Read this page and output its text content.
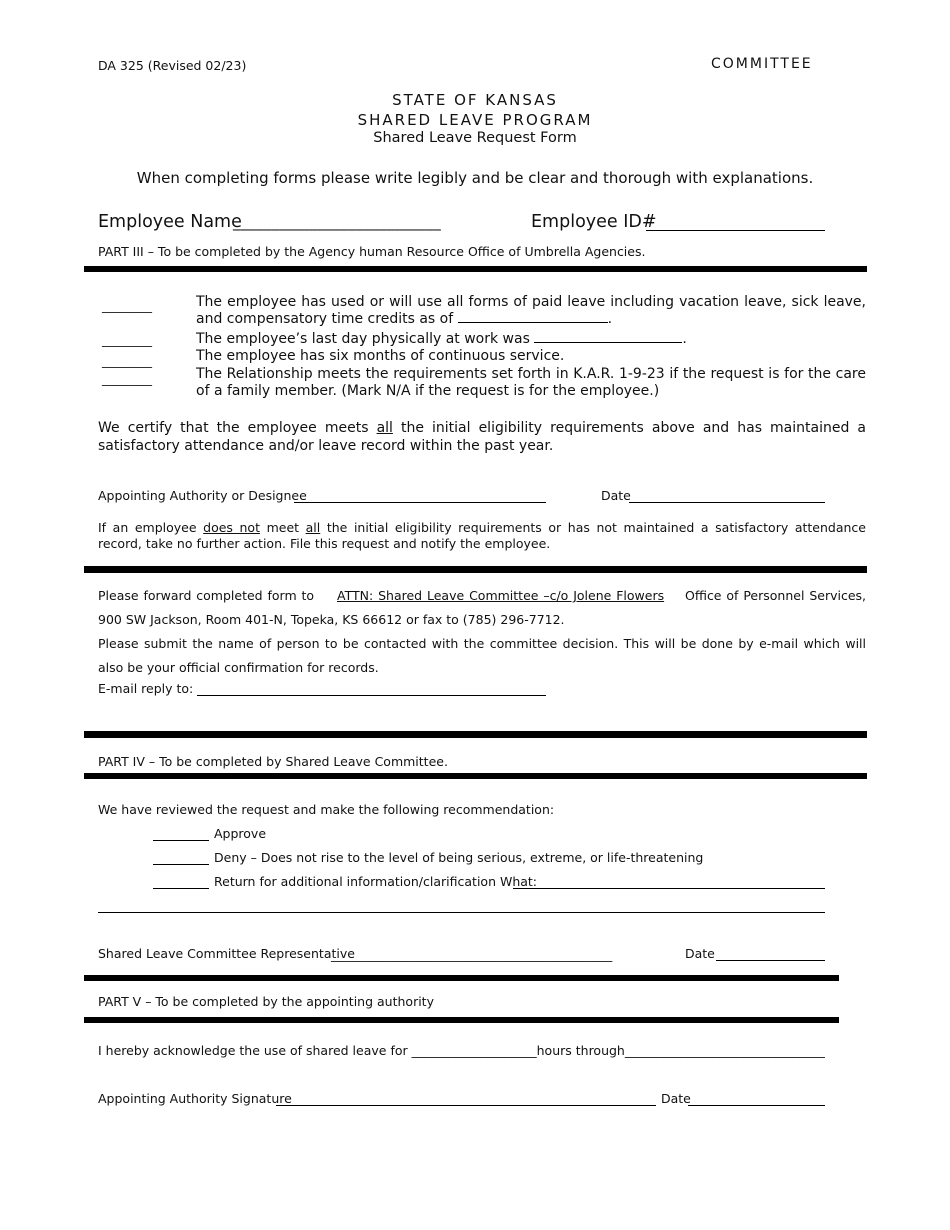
DA 325 (Revised 02/23)	COMMITTEE
STATE OF KANSAS
SHARED LEAVE PROGRAM
Shared Leave Request Form
When completing forms please write legibly and be clear and thorough with explanations.
Employee Name
___________________________	Employee ID#
PART III – To be completed by the Agency human Resource Office of Umbrella Agencies.
________
________
________
________
The employee has used or will use all forms of paid leave including vacation leave, sick leave, and compensatory time credits as of	.
The employee’s last day physically at work was	.
The employee has six months of continuous service.
The Relationship meets the requirements set forth in K.A.R. 1-9-23 if the request is for the care of a family member. (Mark N/A if the request is for the employee.)
We certify that the employee meets all the initial eligibility requirements above and has maintained a satisfactory attendance and/or leave record within the past year.
Appointing Authority or Designee	Date
If an employee does not meet all the initial eligibility requirements or has not maintained a satisfactory attendance record, take no further action. File this request and notify the employee.
Please forward completed form to ATTN: Shared Leave Committee –c/o Jolene Flowers Office of Personnel Services, 900 SW Jackson, Room 401-N, Topeka, KS 66612 or fax to (785) 296-7712.
Please submit the name of person to be contacted with the committee decision. This will be done by e-mail which will also be your official confirmation for records.
E-mail reply to:
PART IV – To be completed by Shared Leave Committee.
We have reviewed the request and make the following recommendation:
Approve
Deny – Does not rise to the level of being serious, extreme, or life-threatening
Return for additional information/clarification What:
Shared Leave Committee Representative
_____________________________________________	Date
PART V – To be completed by the appointing authority
I hereby acknowledge the use of shared leave for ____________________hours through________________________________
Appointing Authority Signature	Date
